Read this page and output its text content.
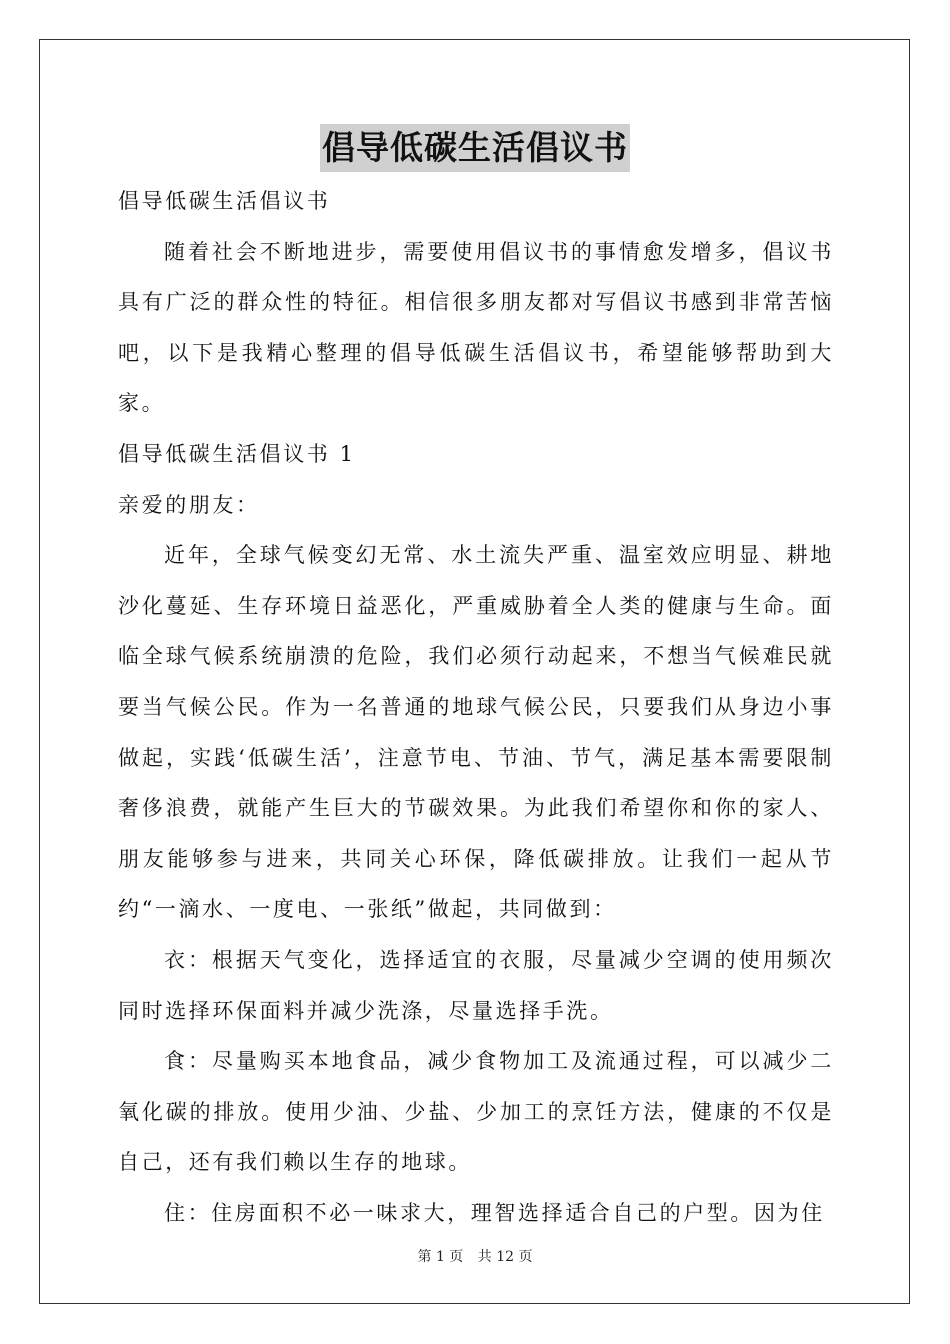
倡导低碳生活倡议书

倡导低碳生活倡议书

随着社会不断地进步，需要使用倡议书的事情愈发增多，倡议书具有广泛的群众性的特征。相信很多朋友都对写倡议书感到非常苦恼吧，以下是我精心整理的倡导低碳生活倡议书，希望能够帮助到大家。

倡导低碳生活倡议书 1

亲爱的朋友：

近年，全球气候变幻无常、水土流失严重、温室效应明显、耕地沙化蔓延、生存环境日益恶化，严重威胁着全人类的健康与生命。面临全球气候系统崩溃的危险，我们必须行动起来，不想当气候难民就要当气候公民。作为一名普通的地球气候公民，只要我们从身边小事做起，实践‘低碳生活’，注意节电、节油、节气，满足基本需要限制奢侈浪费，就能产生巨大的节碳效果。为此我们希望你和你的家人、朋友能够参与进来，共同关心环保，降低碳排放。让我们一起从节约“一滴水、一度电、一张纸”做起，共同做到：

衣：根据天气变化，选择适宜的衣服，尽量减少空调的使用频次同时选择环保面料并减少洗涤，尽量选择手洗。

食：尽量购买本地食品，减少食物加工及流通过程，可以减少二氧化碳的排放。使用少油、少盐、少加工的烹饪方法，健康的不仅是自己，还有我们赖以生存的地球。

住：住房面积不必一味求大，理智选择适合自己的户型。因为住

第 1 页 共 12 页
